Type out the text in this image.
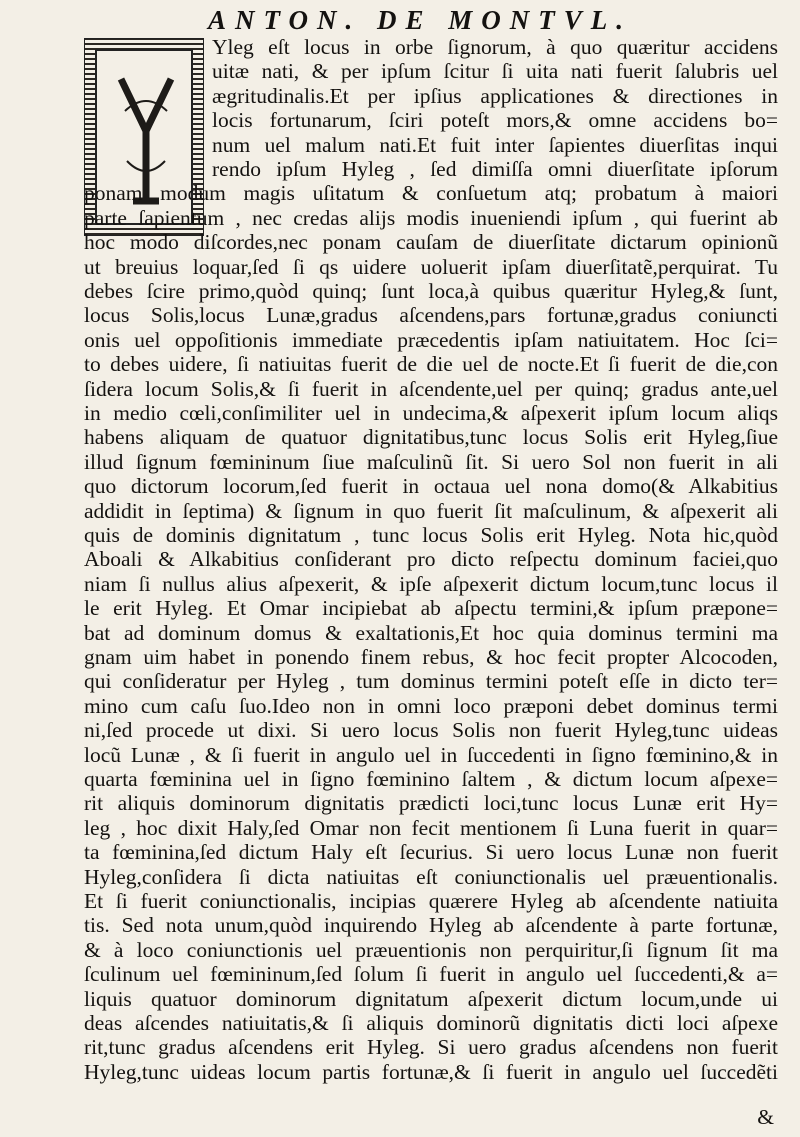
ANTON. DE MONTVL.
Yleg eſt locus in orbe ſignorum, à quo quæritur accidens
uitæ nati, & per ipſum ſcitur ſi uita nati fuerit ſalubris uel
ægritudinalis.Et per ipſius applicationes & directiones in
locis fortunarum, ſciri poteſt mors,& omne accidens bo=
num uel malum nati.Et fuit inter ſapientes diuerſitas inqui
rendo ipſum Hyleg , ſed dimiſſa omni diuerſitate ipſorum
ponam modum magis uſitatum & conſuetum atq; probatum à maiori
parte ſapientum , nec credas alijs modis inueniendi ipſum , qui fuerint ab
hoc modo diſcordes,nec ponam cauſam de diuerſitate dictarum opinionũ
ut breuius loquar,ſed ſi qs uidere uoluerit ipſam diuerſitatẽ,perquirat. Tu
debes ſcire primo,quòd quinq; ſunt loca,à quibus quæritur Hyleg,& ſunt,
locus Solis,locus Lunæ,gradus aſcendens,pars fortunæ,gradus coniuncti
onis uel oppoſitionis immediate præcedentis ipſam natiuitatem. Hoc ſci=
to debes uidere, ſi natiuitas fuerit de die uel de nocte.Et ſi fuerit de die,con
ſidera locum Solis,& ſi fuerit in aſcendente,uel per quinq; gradus ante,uel
in medio cœli,conſimiliter uel in undecima,& aſpexerit ipſum locum aliqs
habens aliquam de quatuor dignitatibus,tunc locus Solis erit Hyleg,ſiue
illud ſignum fœmininum ſiue maſculinũ ſit. Si uero Sol non fuerit in ali
quo dictorum locorum,ſed fuerit in octaua uel nona domo(& Alkabitius
addidit in ſeptima) & ſignum in quo fuerit ſit maſculinum, & aſpexerit ali
quis de dominis dignitatum , tunc locus Solis erit Hyleg. Nota hic,quòd
Aboali & Alkabitius conſiderant pro dicto reſpectu dominum faciei,quo
niam ſi nullus alius aſpexerit, & ipſe aſpexerit dictum locum,tunc locus il
le erit Hyleg. Et Omar incipiebat ab aſpectu termini,& ipſum præpone=
bat ad dominum domus & exaltationis,Et hoc quia dominus termini ma
gnam uim habet in ponendo finem rebus, & hoc fecit propter Alcocoden,
qui conſideratur per Hyleg , tum dominus termini poteſt eſſe in dicto ter=
mino cum caſu ſuo.Ideo non in omni loco præponi debet dominus termi
ni,ſed procede ut dixi. Si uero locus Solis non fuerit Hyleg,tunc uideas
locũ Lunæ , & ſi fuerit in angulo uel in ſuccedenti in ſigno fœminino,& in
quarta fœminina uel in ſigno fœminino ſaltem , & dictum locum aſpexe=
rit aliquis dominorum dignitatis prædicti loci,tunc locus Lunæ erit Hy=
leg , hoc dixit Haly,ſed Omar non fecit mentionem ſi Luna fuerit in quar=
ta fœminina,ſed dictum Haly eſt ſecurius. Si uero locus Lunæ non fuerit
Hyleg,conſidera ſi dicta natiuitas eſt coniunctionalis uel præuentionalis.
Et ſi fuerit coniunctionalis, incipias quærere Hyleg ab aſcendente natiuita
tis. Sed nota unum,quòd inquirendo Hyleg ab aſcendente à parte fortunæ,
& à loco coniunctionis uel præuentionis non perquiritur,ſi ſignum ſit ma
ſculinum uel fœmininum,ſed ſolum ſi fuerit in angulo uel ſuccedenti,& a=
liquis quatuor dominorum dignitatum aſpexerit dictum locum,unde ui
deas aſcendes natiuitatis,& ſi aliquis dominorũ dignitatis dicti loci aſpexe
rit,tunc gradus aſcendens erit Hyleg. Si uero gradus aſcendens non fuerit
Hyleg,tunc uideas locum partis fortunæ,& ſi fuerit in angulo uel ſuccedẽti
&
